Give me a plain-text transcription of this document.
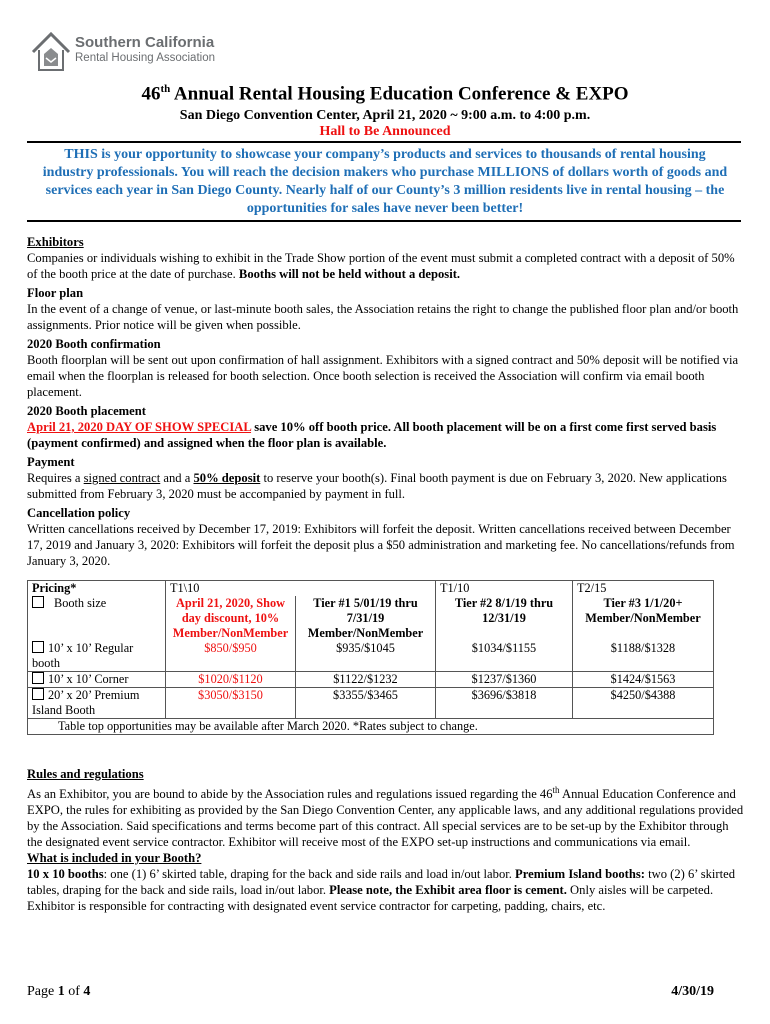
Southern California
Rental Housing Association
46th Annual Rental Housing Education Conference & EXPO
San Diego Convention Center, April 21, 2020 ~ 9:00 a.m. to 4:00 p.m.
Hall to Be Announced
THIS is your opportunity to showcase your company’s products and services to thousands of rental housing industry professionals. You will reach the decision makers who purchase MILLIONS of dollars worth of goods and services each year in San Diego County. Nearly half of our County’s 3 million residents live in rental housing – the opportunities for sales have never been better!
Exhibitors

Companies or individuals wishing to exhibit in the Trade Show portion of the event must submit a completed contract with a deposit of 50% of the booth price at the date of purchase. Booths will not be held without a deposit.

Floor plan

In the event of a change of venue, or last-minute booth sales, the Association retains the right to change the published floor plan and/or booth assignments. Prior notice will be given when possible.

2020 Booth confirmation

Booth floorplan will be sent out upon confirmation of hall assignment. Exhibitors with a signed contract and 50% deposit will be notified via email when the floorplan is released for booth selection. Once booth selection is received the Association will confirm via email booth placement.

2020 Booth placement

April 21, 2020 DAY OF SHOW SPECIAL save 10% off booth price. All booth placement will be on a first come first served basis (payment confirmed) and assigned when the floor plan is available.

Payment

Requires a signed contract and a 50% deposit to reserve your booth(s). Final booth payment is due on February 3, 2020. New applications submitted from February 3, 2020 must be accompanied by payment in full.

Cancellation policy

Written cancellations received by December 17, 2019: Exhibitors will forfeit the deposit. Written cancellations received between December 17, 2019 and January 3, 2020: Exhibitors will forfeit the deposit plus a $50 administration and marketing fee. No cancellations/refunds from January 3, 2020.

Pricing*	T1\10		T1/10	T2/15
Booth size	April 21, 2020, Show day discount, 10% Member/NonMember	Tier #1 5/01/19 thru 7/31/19 Member/NonMember	Tier #2 8/1/19 thru 12/31/19	Tier #3 1/1/20+ Member/NonMember
10’ x 10’ Regular booth	$850/$950	$935/$1045	$1034/$1155	$1188/$1328
10’ x 10’ Corner	$1020/$1120	$1122/$1232	$1237/$1360	$1424/$1563
20’ x 20’ Premium Island Booth	$3050/$3150	$3355/$3465	$3696/$3818	$4250/$4388
Table top opportunities may be available after March 2020. *Rates subject to change.				

Rules and regulations

As an Exhibitor, you are bound to abide by the Association rules and regulations issued regarding the 46th Annual Education Conference and EXPO, the rules for exhibiting as provided by the San Diego Convention Center, any applicable laws, and any additional regulations provided by the Association. Said specifications and terms become part of this contract. All special services are to be set-up by the Exhibitor through the designated event service contractor. Exhibitor will receive most of the EXPO set-up instructions and communications via email.

What is included in your Booth?

10 x 10 booths: one (1) 6’ skirted table, draping for the back and side rails and load in/out labor. Premium Island booths: two (2) 6’ skirted tables, draping for the back and side rails, load in/out labor. Please note, the Exhibit area floor is cement. Only aisles will be carpeted. Exhibitor is responsible for contracting with designated event service contractor for carpeting, padding, chairs, etc.

Page 1 of 4	4/30/19
